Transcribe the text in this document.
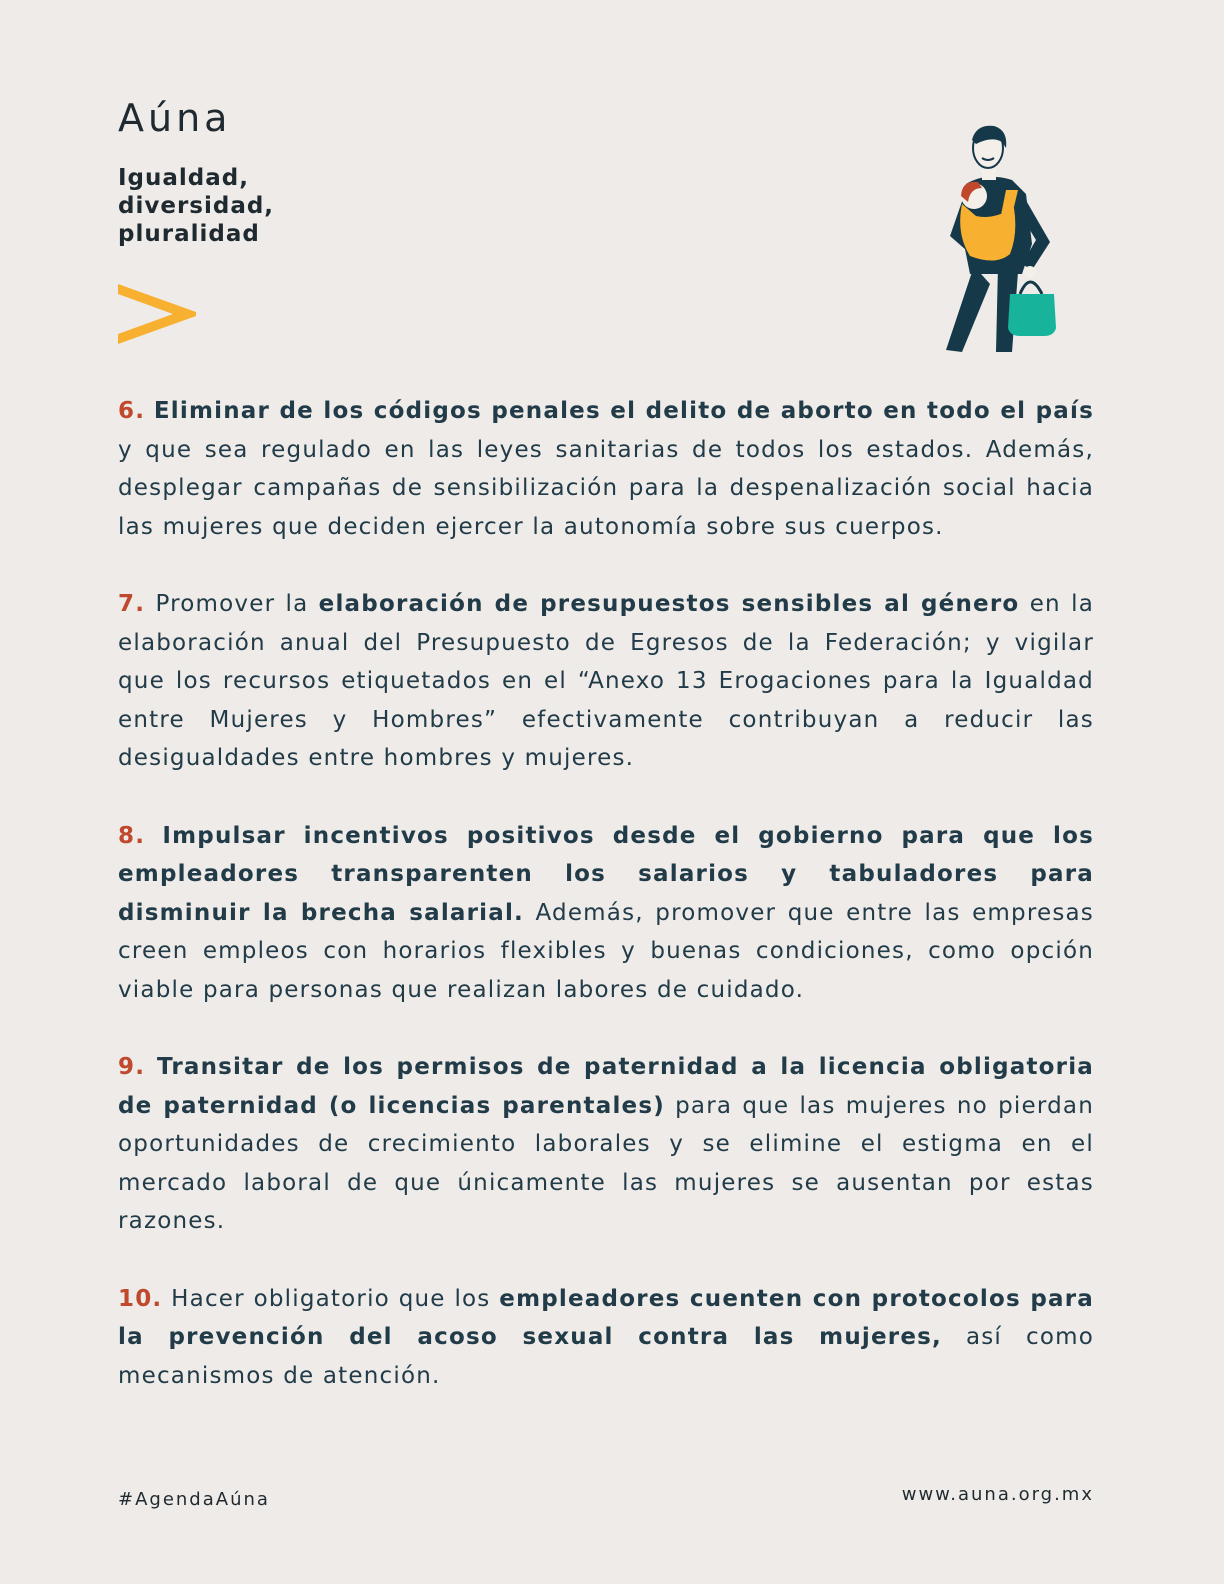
Aúna
Igualdad,
diversidad,
pluralidad

6. Eliminar de los códigos penales el delito de aborto en todo el país y que sea regulado en las leyes sanitarias de todos los estados. Además, desplegar campañas de sensibilización para la despenalización social hacia las mujeres que deciden ejercer la autonomía sobre sus cuerpos.

7. Promover la elaboración de presupuestos sensibles al género en la elaboración anual del Presupuesto de Egresos de la Federación; y vigilar que los recursos etiquetados en el “Anexo 13 Erogaciones para la Igualdad entre Mujeres y Hombres” efectivamente contribuyan a reducir las desigualdades entre hombres y mujeres.

8. Impulsar incentivos positivos desde el gobierno para que los empleadores transparenten los salarios y tabuladores para disminuir la brecha salarial. Además, promover que entre las empresas creen empleos con horarios flexibles y buenas condiciones, como opción viable para personas que realizan labores de cuidado.

9. Transitar de los permisos de paternidad a la licencia obligatoria de paternidad (o licencias parentales) para que las mujeres no pierdan oportunidades de crecimiento laborales y se elimine el estigma en el mercado laboral de que únicamente las mujeres se ausentan por estas razones.

10. Hacer obligatorio que los empleadores cuenten con protocolos para la prevención del acoso sexual contra las mujeres, así como mecanismos de atención.

#AgendaAúna	www.auna.org.mx
